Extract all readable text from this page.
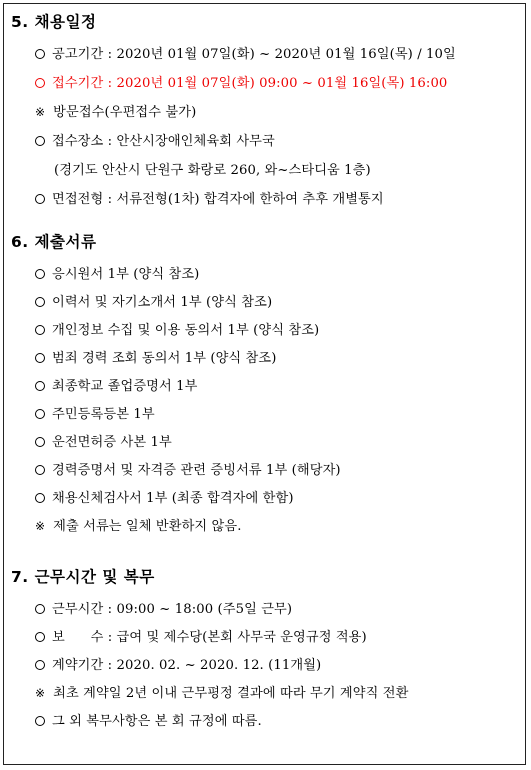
5. 채용일정
공고기간 : 2020년 01월 07일(화) ~ 2020년 01월 16일(목) / 10일
접수기간 : 2020년 01월 07일(화) 09:00 ~ 01월 16일(목) 16:00
※ 방문접수(우편접수 불가)
접수장소 : 안산시장애인체육회 사무국
(경기도 안산시 단원구 화랑로 260, 와~스타디움 1층)
면접전형 : 서류전형(1차) 합격자에 한하여 추후 개별통지
6. 제출서류
응시원서 1부 (양식 참조)
이력서 및 자기소개서 1부 (양식 참조)
개인정보 수집 및 이용 동의서 1부 (양식 참조)
범죄 경력 조회 동의서 1부 (양식 참조)
최종학교 졸업증명서 1부
주민등록등본 1부
운전면허증 사본 1부
경력증명서 및 자격증 관련 증빙서류 1부 (해당자)
채용신체검사서 1부 (최종 합격자에 한함)
※ 제출 서류는 일체 반환하지 않음.
7. 근무시간 및 복무
근무시간 : 09:00 ~ 18:00 (주5일 근무)
보      수 : 급여 및 제수당(본회 사무국 운영규정 적용)
계약기간 : 2020. 02. ~ 2020. 12. (11개월)
※ 최초 계약일 2년 이내 근무평정 결과에 따라 무기 계약직 전환
그 외 복무사항은 본 회 규정에 따름.
